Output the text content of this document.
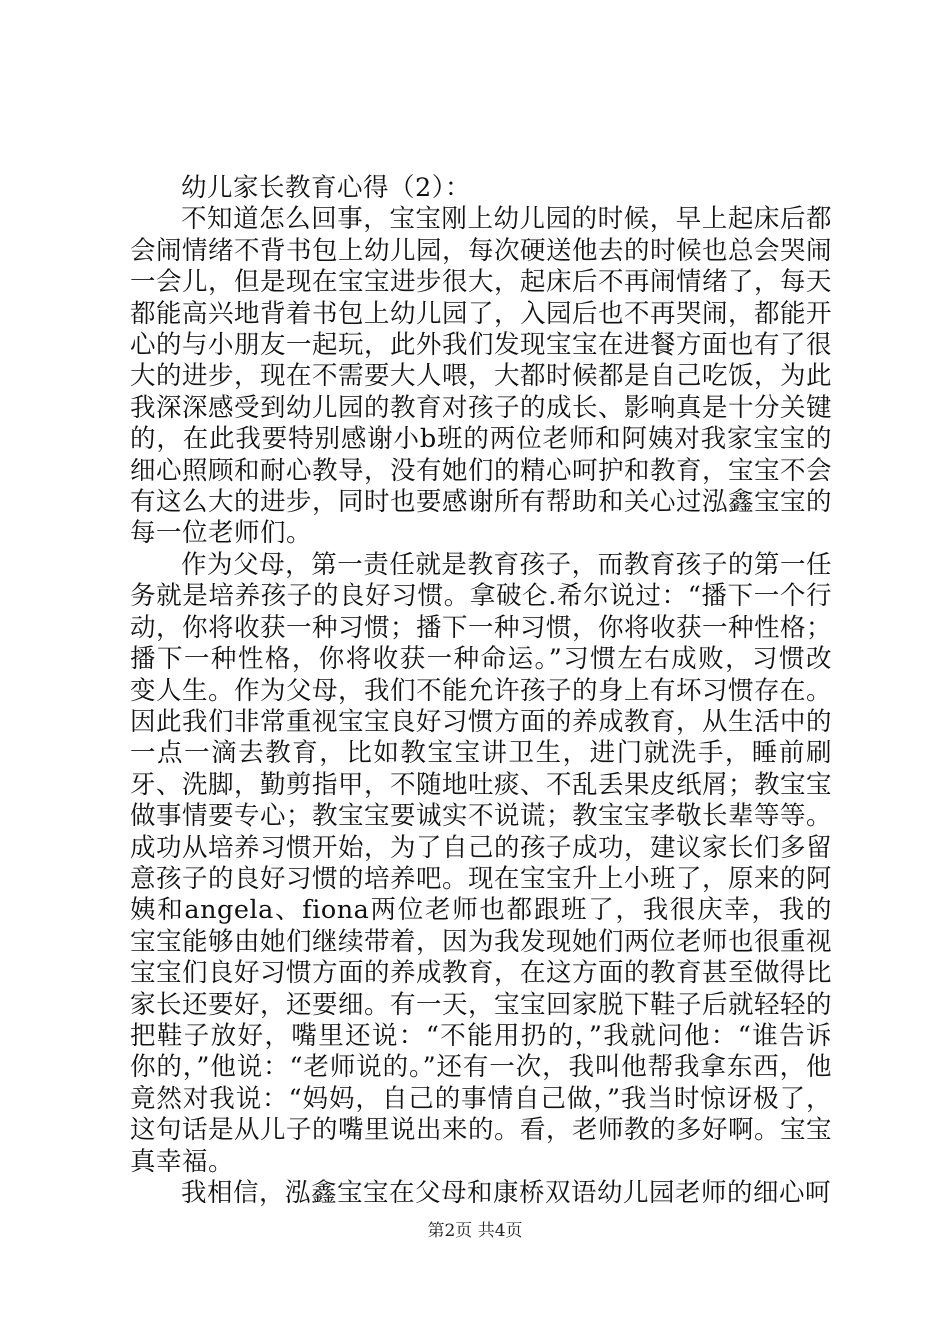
幼儿家长教育心得（2）：

不知道怎么回事，宝宝刚上幼儿园的时候，早上起床后都会闹情绪不背书包上幼儿园，每次硬送他去的时候也总会哭闹一会儿，但是现在宝宝进步很大，起床后不再闹情绪了，每天都能高兴地背着书包上幼儿园了，入园后也不再哭闹，都能开心的与小朋友一起玩，此外我们发现宝宝在进餐方面也有了很大的进步，现在不需要大人喂，大都时候都是自己吃饭，为此我深深感受到幼儿园的教育对孩子的成长、影响真是十分关键的，在此我要特别感谢小b班的两位老师和阿姨对我家宝宝的细心照顾和耐心教导，没有她们的精心呵护和教育，宝宝不会有这么大的进步，同时也要感谢所有帮助和关心过泓鑫宝宝的每一位老师们。

作为父母，第一责任就是教育孩子，而教育孩子的第一任务就是培养孩子的良好习惯。拿破仑.希尔说过：“播下一个行动，你将收获一种习惯；播下一种习惯，你将收获一种性格；播下一种性格，你将收获一种命运。”习惯左右成败，习惯改变人生。作为父母，我们不能允许孩子的身上有坏习惯存在。因此我们非常重视宝宝良好习惯方面的养成教育，从生活中的一点一滴去教育，比如教宝宝讲卫生，进门就洗手，睡前刷牙、洗脚，勤剪指甲，不随地吐痰、不乱丢果皮纸屑；教宝宝做事情要专心；教宝宝要诚实不说谎；教宝宝孝敬长辈等等。成功从培养习惯开始，为了自己的孩子成功，建议家长们多留意孩子的良好习惯的培养吧。现在宝宝升上小班了，原来的阿姨和angela、fiona两位老师也都跟班了，我很庆幸，我的宝宝能够由她们继续带着，因为我发现她们两位老师也很重视宝宝们良好习惯方面的养成教育，在这方面的教育甚至做得比家长还要好，还要细。有一天，宝宝回家脱下鞋子后就轻轻的把鞋子放好，嘴里还说：“不能用扔的，”我就问他：“谁告诉你的，”他说：“老师说的。”还有一次，我叫他帮我拿东西，他竟然对我说：“妈妈，自己的事情自己做，”我当时惊讶极了，这句话是从儿子的嘴里说出来的。看，老师教的多好啊。宝宝真幸福。

我相信，泓鑫宝宝在父母和康桥双语幼儿园老师的细心呵

第2页 共4页
